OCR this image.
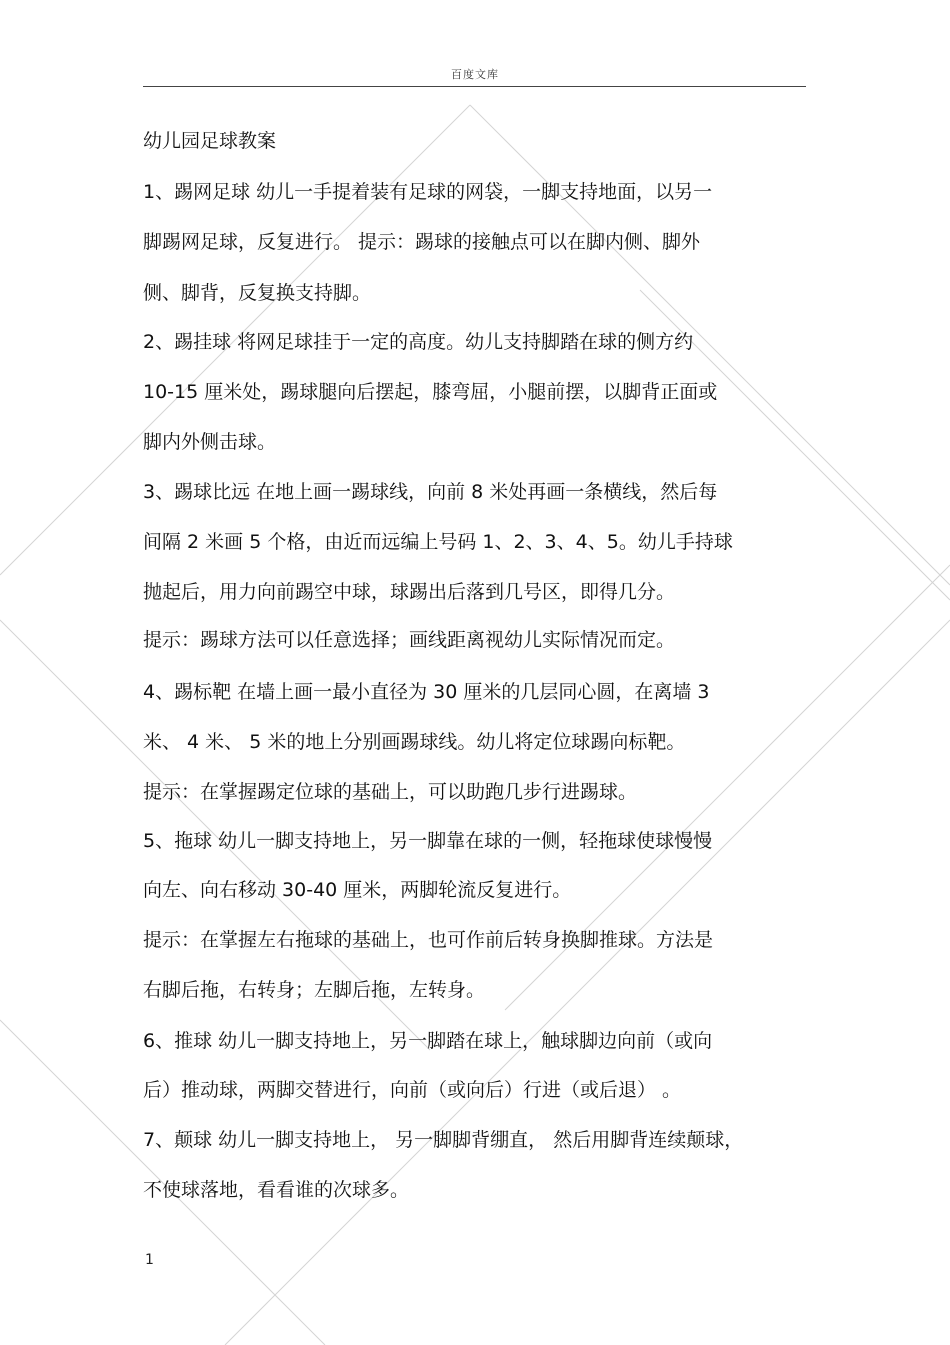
百度文库
幼儿园足球教案
1、踢网足球 幼儿一手提着装有足球的网袋，一脚支持地面，以另一
脚踢网足球，反复进行。 提示：踢球的接触点可以在脚内侧、脚外
侧、脚背，反复换支持脚。
2、踢挂球 将网足球挂于一定的高度。幼儿支持脚踏在球的侧方约
10-15 厘米处，踢球腿向后摆起，膝弯屈，小腿前摆，以脚背正面或
脚内外侧击球。
3、踢球比远 在地上画一踢球线，向前 8 米处再画一条横线，然后每
间隔 2 米画 5 个格，由近而远编上号码 1、2、3、4、5。幼儿手持球
抛起后，用力向前踢空中球，球踢出后落到几号区，即得几分。
提示：踢球方法可以任意选择；画线距离视幼儿实际情况而定。
4、踢标靶 在墙上画一最小直径为 30 厘米的几层同心圆，在离墙 3
米、 4 米、 5 米的地上分别画踢球线。幼儿将定位球踢向标靶。
提示：在掌握踢定位球的基础上，可以助跑几步行进踢球。
5、拖球 幼儿一脚支持地上，另一脚靠在球的一侧，轻拖球使球慢慢
向左、向右移动 30-40 厘米，两脚轮流反复进行。
提示：在掌握左右拖球的基础上，也可作前后转身换脚推球。方法是
右脚后拖，右转身；左脚后拖，左转身。
6、推球 幼儿一脚支持地上，另一脚踏在球上，触球脚边向前（或向
后）推动球，两脚交替进行，向前（或向后）行进（或后退） 。
7、颠球 幼儿一脚支持地上， 另一脚脚背绷直， 然后用脚背连续颠球，
不使球落地，看看谁的次球多。
1
